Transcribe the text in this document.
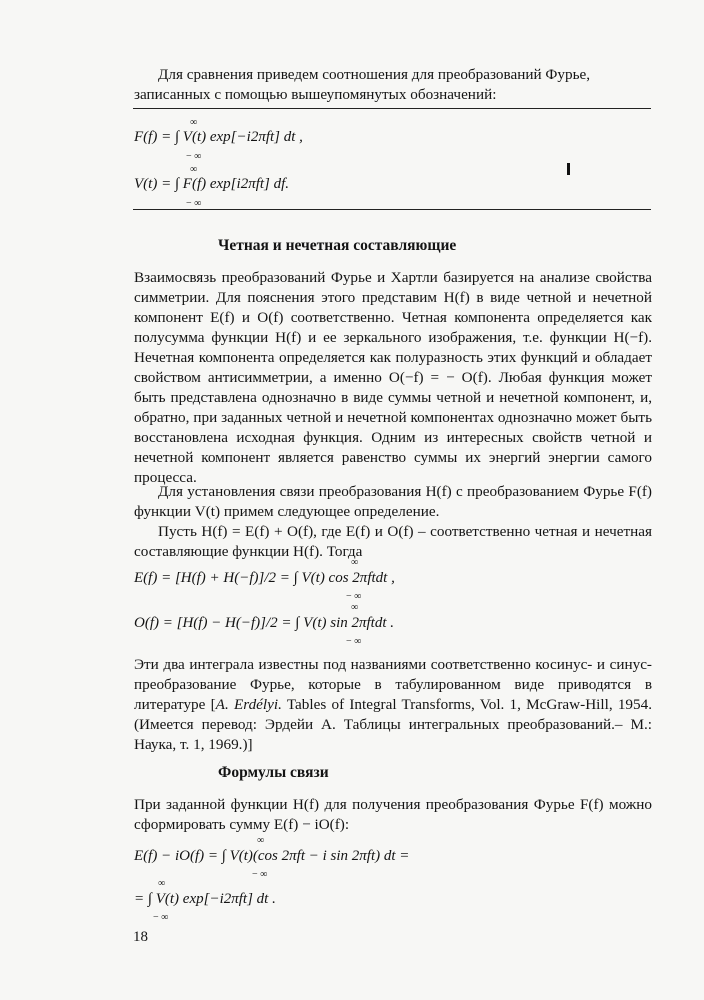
Для сравнения приведем соотношения для преобразований Фурье,
записанных с помощью вышеупомянутых обозначений:
F(f) = ∫ V(t) exp[−i2πft] dt ,
∞
− ∞
V(t) = ∫ F(f) exp[i2πft] df.
∞
− ∞
Четная и нечетная составляющие
Взаимосвязь преобразований Фурье и Хартли базируется на анализе свойства симметрии. Для пояснения этого представим H(f) в виде четной и нечетной компонент E(f) и O(f) соответственно. Четная компонента определяется как полусумма функции H(f) и ее зеркального изображения, т.е. функции H(−f). Нечетная компонента определяется как полуразность этих функций и обладает свойством антисимметрии, а именно O(−f) = − O(f). Любая функция может быть представлена однозначно в виде суммы четной и нечетной компонент, и, обратно, при заданных четной и нечетной компонентах однозначно может быть восстановлена исходная функция. Одним из интересных свойств четной и нечетной компонент является равенство суммы их энергий энергии самого процесса.
Для установления связи преобразования H(f) с преобразованием Фурье F(f) функции V(t) примем следующее определение.
Пусть H(f) = E(f) + O(f), где E(f) и O(f) – соответственно четная и нечетная составляющие функции H(f). Тогда
E(f) = [H(f) + H(−f)]/2 = ∫ V(t) cos 2πftdt ,
∞
− ∞
O(f) = [H(f) − H(−f)]/2 = ∫ V(t) sin 2πftdt .
∞
− ∞
Эти два интеграла известны под названиями соответственно косинус- и синус-преобразование Фурье, которые в табулированном виде приводятся в литературе [A. Erdélyi. Tables of Integral Transforms, Vol. 1, McGraw-Hill, 1954. (Имеется перевод: Эрдейи А. Таблицы интегральных преобразований.– М.: Наука, т. 1, 1969.)]
Формулы связи
При заданной функции H(f) для получения преобразования Фурье F(f) можно сформировать сумму E(f) − iO(f):
E(f) − iO(f) = ∫ V(t)(cos 2πft − i sin 2πft) dt =
∞
− ∞
= ∫ V(t) exp[−i2πft] dt .
∞
− ∞
18
